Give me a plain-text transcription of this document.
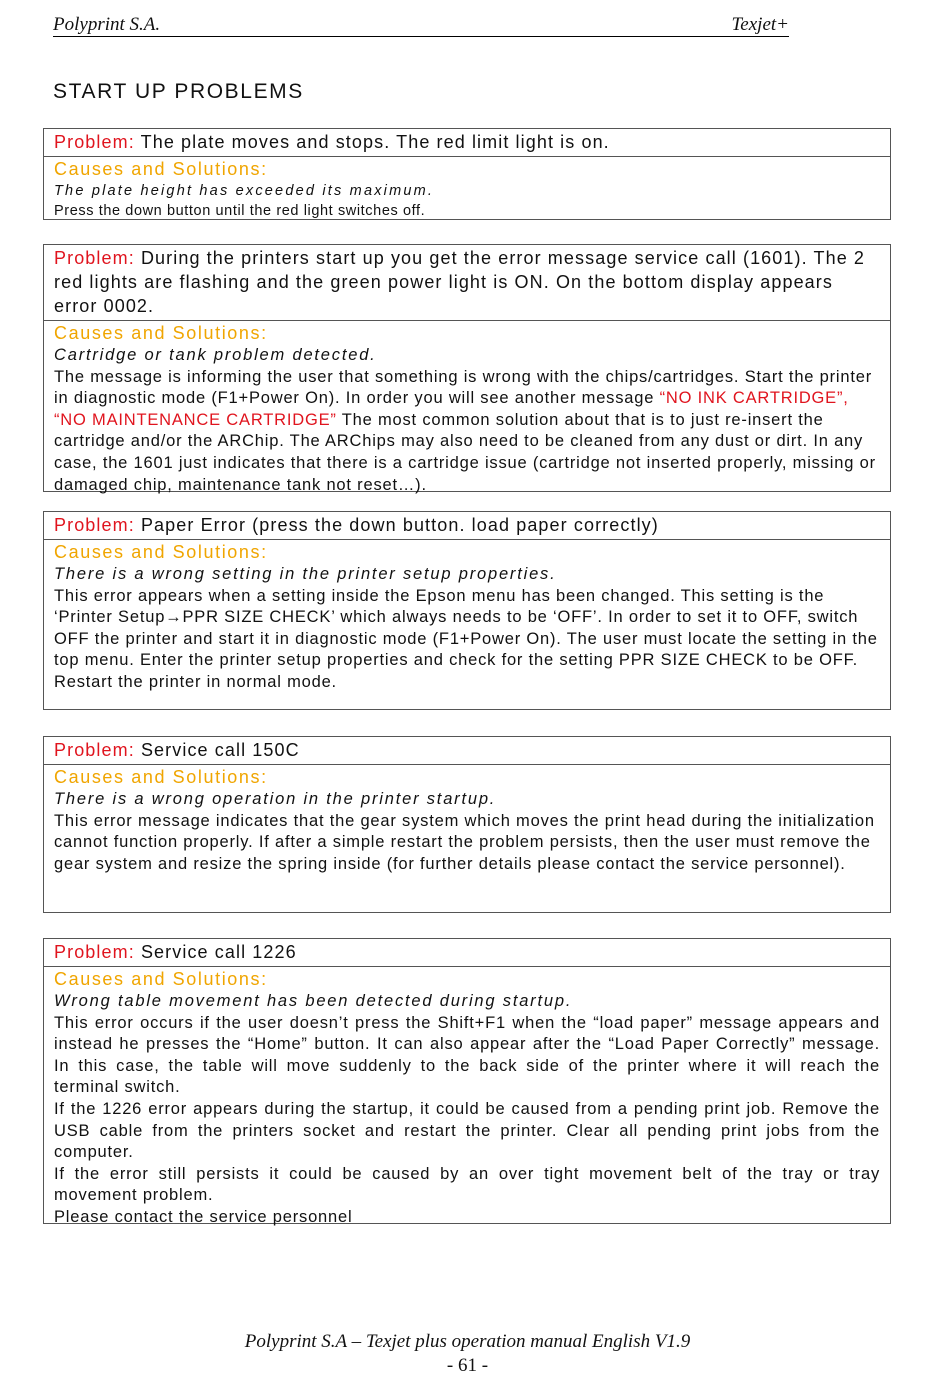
Polyprint S.A.	Texjet+
START UP PROBLEMS
Problem: The plate moves and stops. The red limit light is on.
Causes and Solutions:
The plate height has exceeded its maximum.
Press the down button until the red light switches off.
Problem: During the printers start up you get the error message service call (1601). The 2 red lights are flashing and the green power light is ON. On the bottom display appears error 0002.
Causes and Solutions:
Cartridge or tank problem detected.
The message is informing the user that something is wrong with the chips/cartridges. Start the printer in diagnostic mode (F1+Power On). In order you will see another message “NO INK CARTRIDGE”, “NO MAINTENANCE CARTRIDGE” The most common solution about that is to just re-insert the cartridge and/or the ARChip. The ARChips may also need to be cleaned from any dust or dirt. In any case, the 1601 just indicates that there is a cartridge issue (cartridge not inserted properly, missing or damaged chip, maintenance tank not reset…).
Problem: Paper Error (press the down button. load paper correctly)
Causes and Solutions:
There is a wrong setting in the printer setup properties.
This error appears when a setting inside the Epson menu has been changed. This setting is the ‘Printer Setup→PPR SIZE CHECK’ which always needs to be ‘OFF’. In order to set it to OFF, switch OFF the printer and start it in diagnostic mode (F1+Power On). The user must locate the setting in the top menu. Enter the printer setup properties and check for the setting PPR SIZE CHECK to be OFF. Restart the printer in normal mode.
Problem: Service call 150C
Causes and Solutions:
There is a wrong operation in the printer startup.
This error message indicates that the gear system which moves the print head during the initialization cannot function properly. If after a simple restart the problem persists, then the user must remove the gear system and resize the spring inside (for further details please contact the service personnel).
Problem: Service call 1226
Causes and Solutions:
Wrong table movement has been detected during startup.
This error occurs if the user doesn’t press the Shift+F1 when the “load paper” message appears and instead he presses the “Home” button. It can also appear after the “Load Paper Correctly” message. In this case, the table will move suddenly to the back side of the printer where it will reach the terminal switch.
If the 1226 error appears during the startup, it could be caused from a pending print job. Remove the USB cable from the printers socket and restart the printer. Clear all pending print jobs from the computer.
If the error still persists it could be caused by an over tight movement belt of the tray or tray movement problem.
Please contact the service personnel
Polyprint S.A – Texjet plus operation manual English V1.9
- 61 -
